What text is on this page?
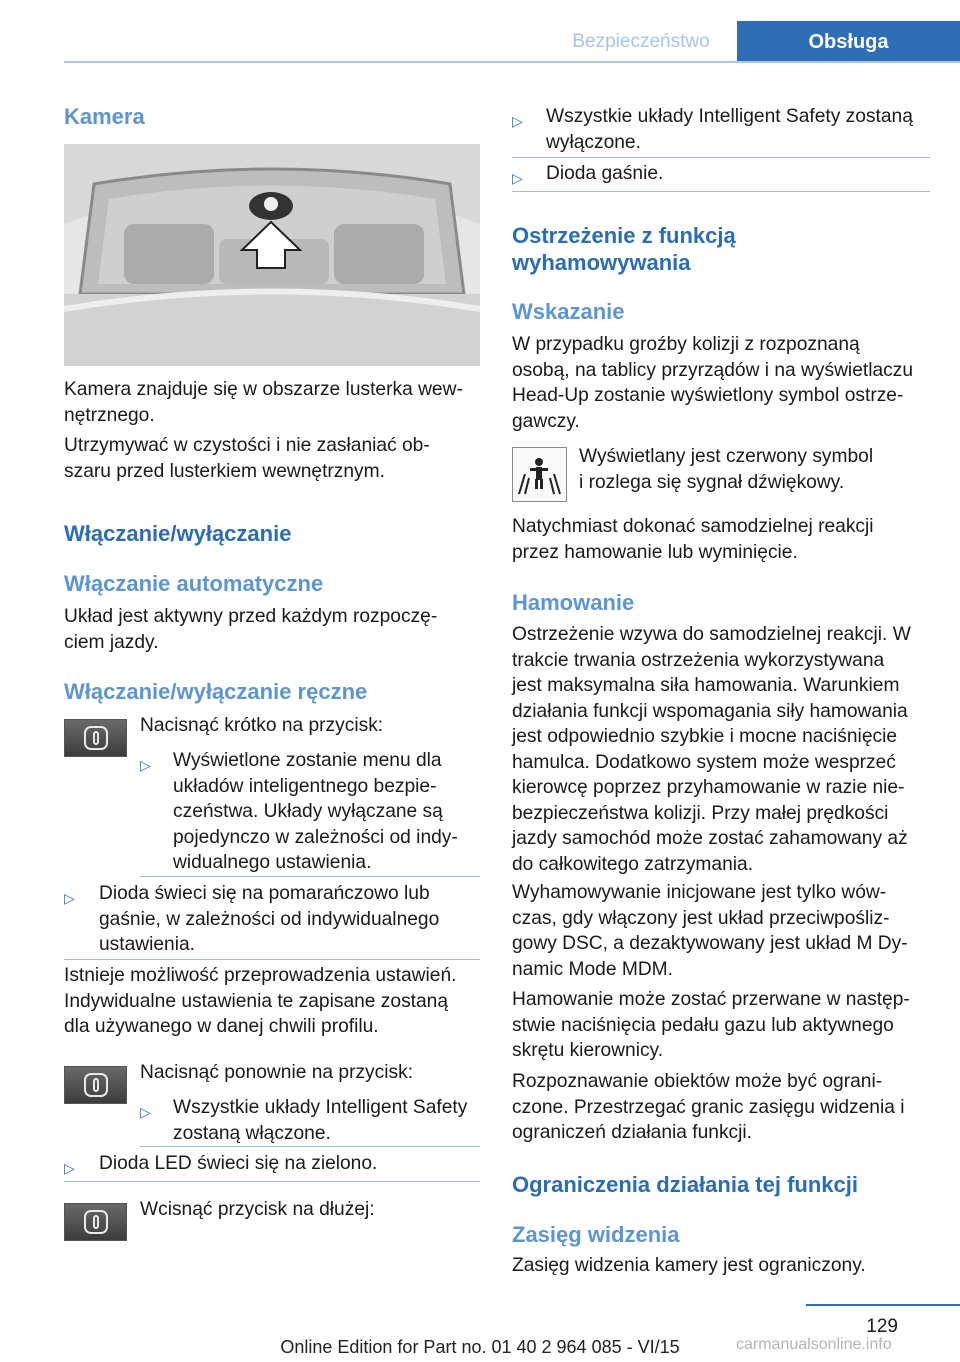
Bezpieczeństwo	Obsługa
Kamera

Kamera znajduje się w obszarze lusterka wew-
nętrznego.

Utrzymywać w czystości i nie zasłaniać ob-
szaru przed lusterkiem wewnętrznym.

Włączanie/wyłączanie
Włączanie automatyczne

Układ jest aktywny przed każdym rozpoczę-
ciem jazdy.

Włączanie/wyłączanie ręczne

Nacisnąć krótko na przycisk:

▷ Wyświetlone zostanie menu dla
układów inteligentnego bezpie-
czeństwa. Układy wyłączane są
pojedynczo w zależności od indy-
widualnego ustawienia.
▷ Dioda świeci się na pomarańczowo lub
gaśnie, w zależności od indywidualnego
ustawienia.

Istnieje możliwość przeprowadzenia ustawień.
Indywidualne ustawienia te zapisane zostaną
dla używanego w danej chwili profilu.

Nacisnąć ponownie na przycisk:

▷ Wszystkie układy Intelligent Safety
zostaną włączone.
▷ Dioda LED świeci się na zielono.

Wcisnąć przycisk na dłużej:

▷ Wszystkie układy Intelligent Safety zostaną
wyłączone.
▷ Dioda gaśnie.
Ostrzeżenie z funkcją
wyhamowywania
Wskazanie

W przypadku groźby kolizji z rozpoznaną
osobą, na tablicy przyrządów i na wyświetlaczu
Head-Up zostanie wyświetlony symbol ostrze-
gawczy.

Wyświetlany jest czerwony symbol
i rozlega się sygnał dźwiękowy.

Natychmiast dokonać samodzielnej reakcji
przez hamowanie lub wyminięcie.

Hamowanie

Ostrzeżenie wzywa do samodzielnej reakcji. W
trakcie trwania ostrzeżenia wykorzystywana
jest maksymalna siła hamowania. Warunkiem
działania funkcji wspomagania siły hamowania
jest odpowiednio szybkie i mocne naciśnięcie
hamulca. Dodatkowo system może wesprzeć
kierowcę poprzez przyhamowanie w razie nie-
bezpieczeństwa kolizji. Przy małej prędkości
jazdy samochód może zostać zahamowany aż
do całkowitego zatrzymania.

Wyhamowywanie inicjowane jest tylko wów-
czas, gdy włączony jest układ przeciwpośliz-
gowy DSC, a dezaktywowany jest układ M Dy-
namic Mode MDM.

Hamowanie może zostać przerwane w następ-
stwie naciśnięcia pedału gazu lub aktywnego
skrętu kierownicy.

Rozpoznawanie obiektów może być ograni-
czone. Przestrzegać granic zasięgu widzenia i
ograniczeń działania funkcji.

Ograniczenia działania tej funkcji
Zasięg widzenia

Zasięg widzenia kamery jest ograniczony.

129
Online Edition for Part no. 01 40 2 964 085 - VI/15	carmanualsonline.info
